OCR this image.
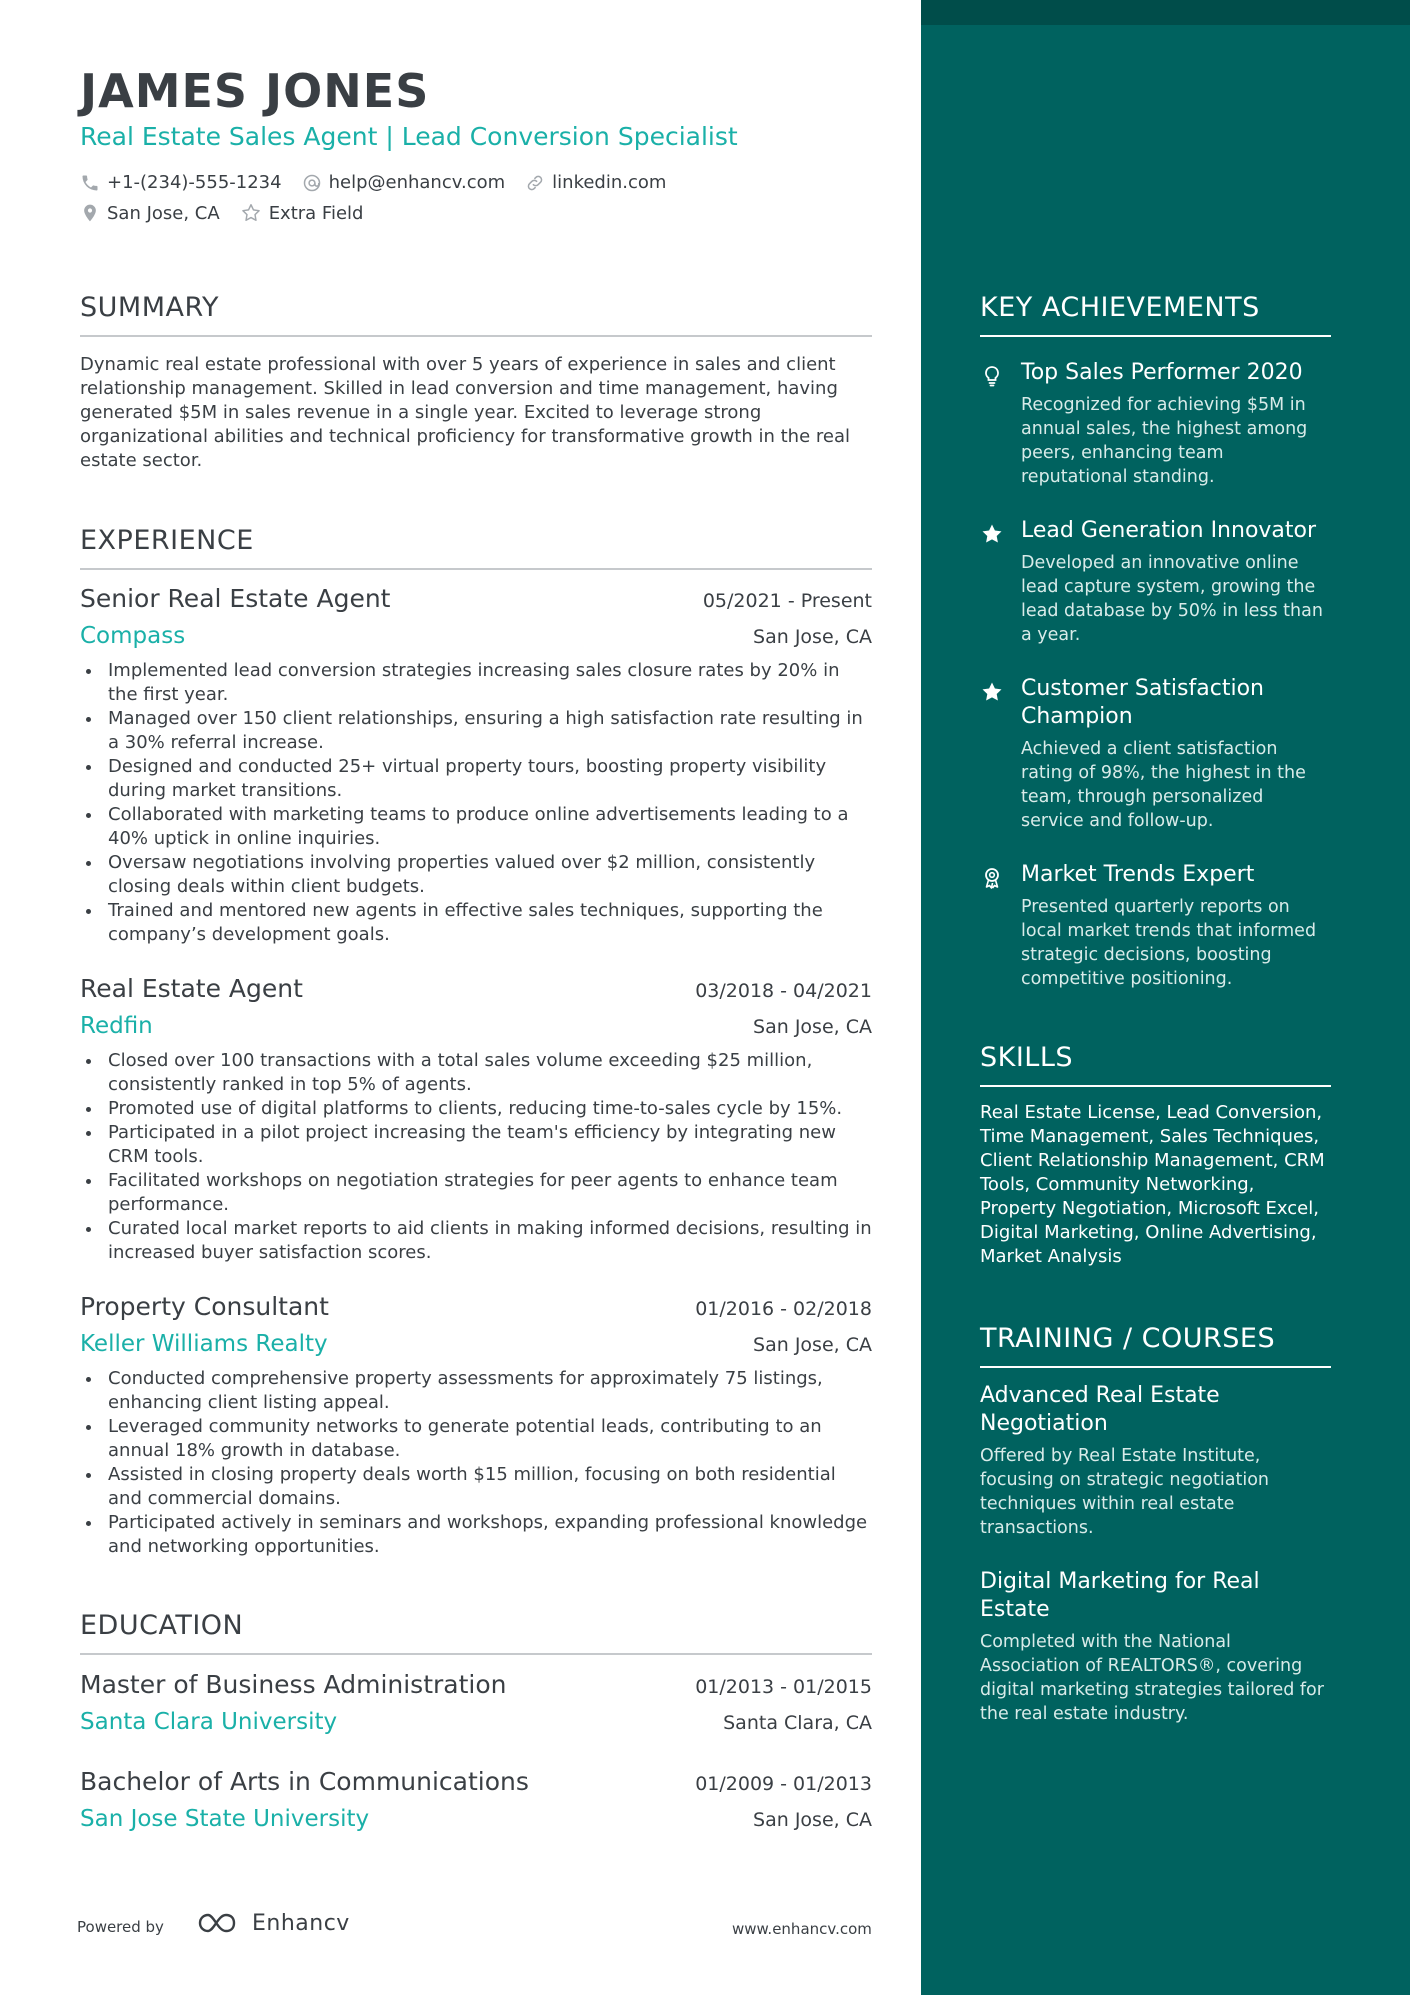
JAMES JONES
Real Estate Sales Agent | Lead Conversion Specialist
+1-(234)-555-1234	help@enhancv.com	linkedin.com
San Jose, CA	Extra Field
SUMMARY
Dynamic real estate professional with over 5 years of experience in sales and client relationship management. Skilled in lead conversion and time management, having generated $5M in sales revenue in a single year. Excited to leverage strong organizational abilities and technical proficiency for transformative growth in the real estate sector.
EXPERIENCE
Senior Real Estate Agent	05/2021 - Present
Compass	San Jose, CA
Implemented lead conversion strategies increasing sales closure rates by 20% in the first year.
Managed over 150 client relationships, ensuring a high satisfaction rate resulting in a 30% referral increase.
Designed and conducted 25+ virtual property tours, boosting property visibility during market transitions.
Collaborated with marketing teams to produce online advertisements leading to a 40% uptick in online inquiries.
Oversaw negotiations involving properties valued over $2 million, consistently closing deals within client budgets.
Trained and mentored new agents in effective sales techniques, supporting the company’s development goals.
Real Estate Agent	03/2018 - 04/2021
Redfin	San Jose, CA
Closed over 100 transactions with a total sales volume exceeding $25 million, consistently ranked in top 5% of agents.
Promoted use of digital platforms to clients, reducing time-to-sales cycle by 15%.
Participated in a pilot project increasing the team's efficiency by integrating new CRM tools.
Facilitated workshops on negotiation strategies for peer agents to enhance team performance.
Curated local market reports to aid clients in making informed decisions, resulting in increased buyer satisfaction scores.
Property Consultant	01/2016 - 02/2018
Keller Williams Realty	San Jose, CA
Conducted comprehensive property assessments for approximately 75 listings, enhancing client listing appeal.
Leveraged community networks to generate potential leads, contributing to an annual 18% growth in database.
Assisted in closing property deals worth $15 million, focusing on both residential and commercial domains.
Participated actively in seminars and workshops, expanding professional knowledge and networking opportunities.
EDUCATION
Master of Business Administration	01/2013 - 01/2015
Santa Clara University	Santa Clara, CA
Bachelor of Arts in Communications	01/2009 - 01/2013
San Jose State University	San Jose, CA
Powered by	Enhancv	www.enhancv.com
KEY ACHIEVEMENTS
Top Sales Performer 2020
Recognized for achieving $5M in annual sales, the highest among peers, enhancing team reputational standing.
Lead Generation Innovator
Developed an innovative online lead capture system, growing the lead database by 50% in less than a year.
Customer Satisfaction Champion
Achieved a client satisfaction rating of 98%, the highest in the team, through personalized service and follow-up.
Market Trends Expert
Presented quarterly reports on local market trends that informed strategic decisions, boosting competitive positioning.
SKILLS
Real Estate License, Lead Conversion, Time Management, Sales Techniques, Client Relationship Management, CRM Tools, Community Networking, Property Negotiation, Microsoft Excel, Digital Marketing, Online Advertising, Market Analysis
TRAINING / COURSES
Advanced Real Estate Negotiation
Offered by Real Estate Institute, focusing on strategic negotiation techniques within real estate transactions.
Digital Marketing for Real Estate
Completed with the National Association of REALTORS®, covering digital marketing strategies tailored for the real estate industry.
